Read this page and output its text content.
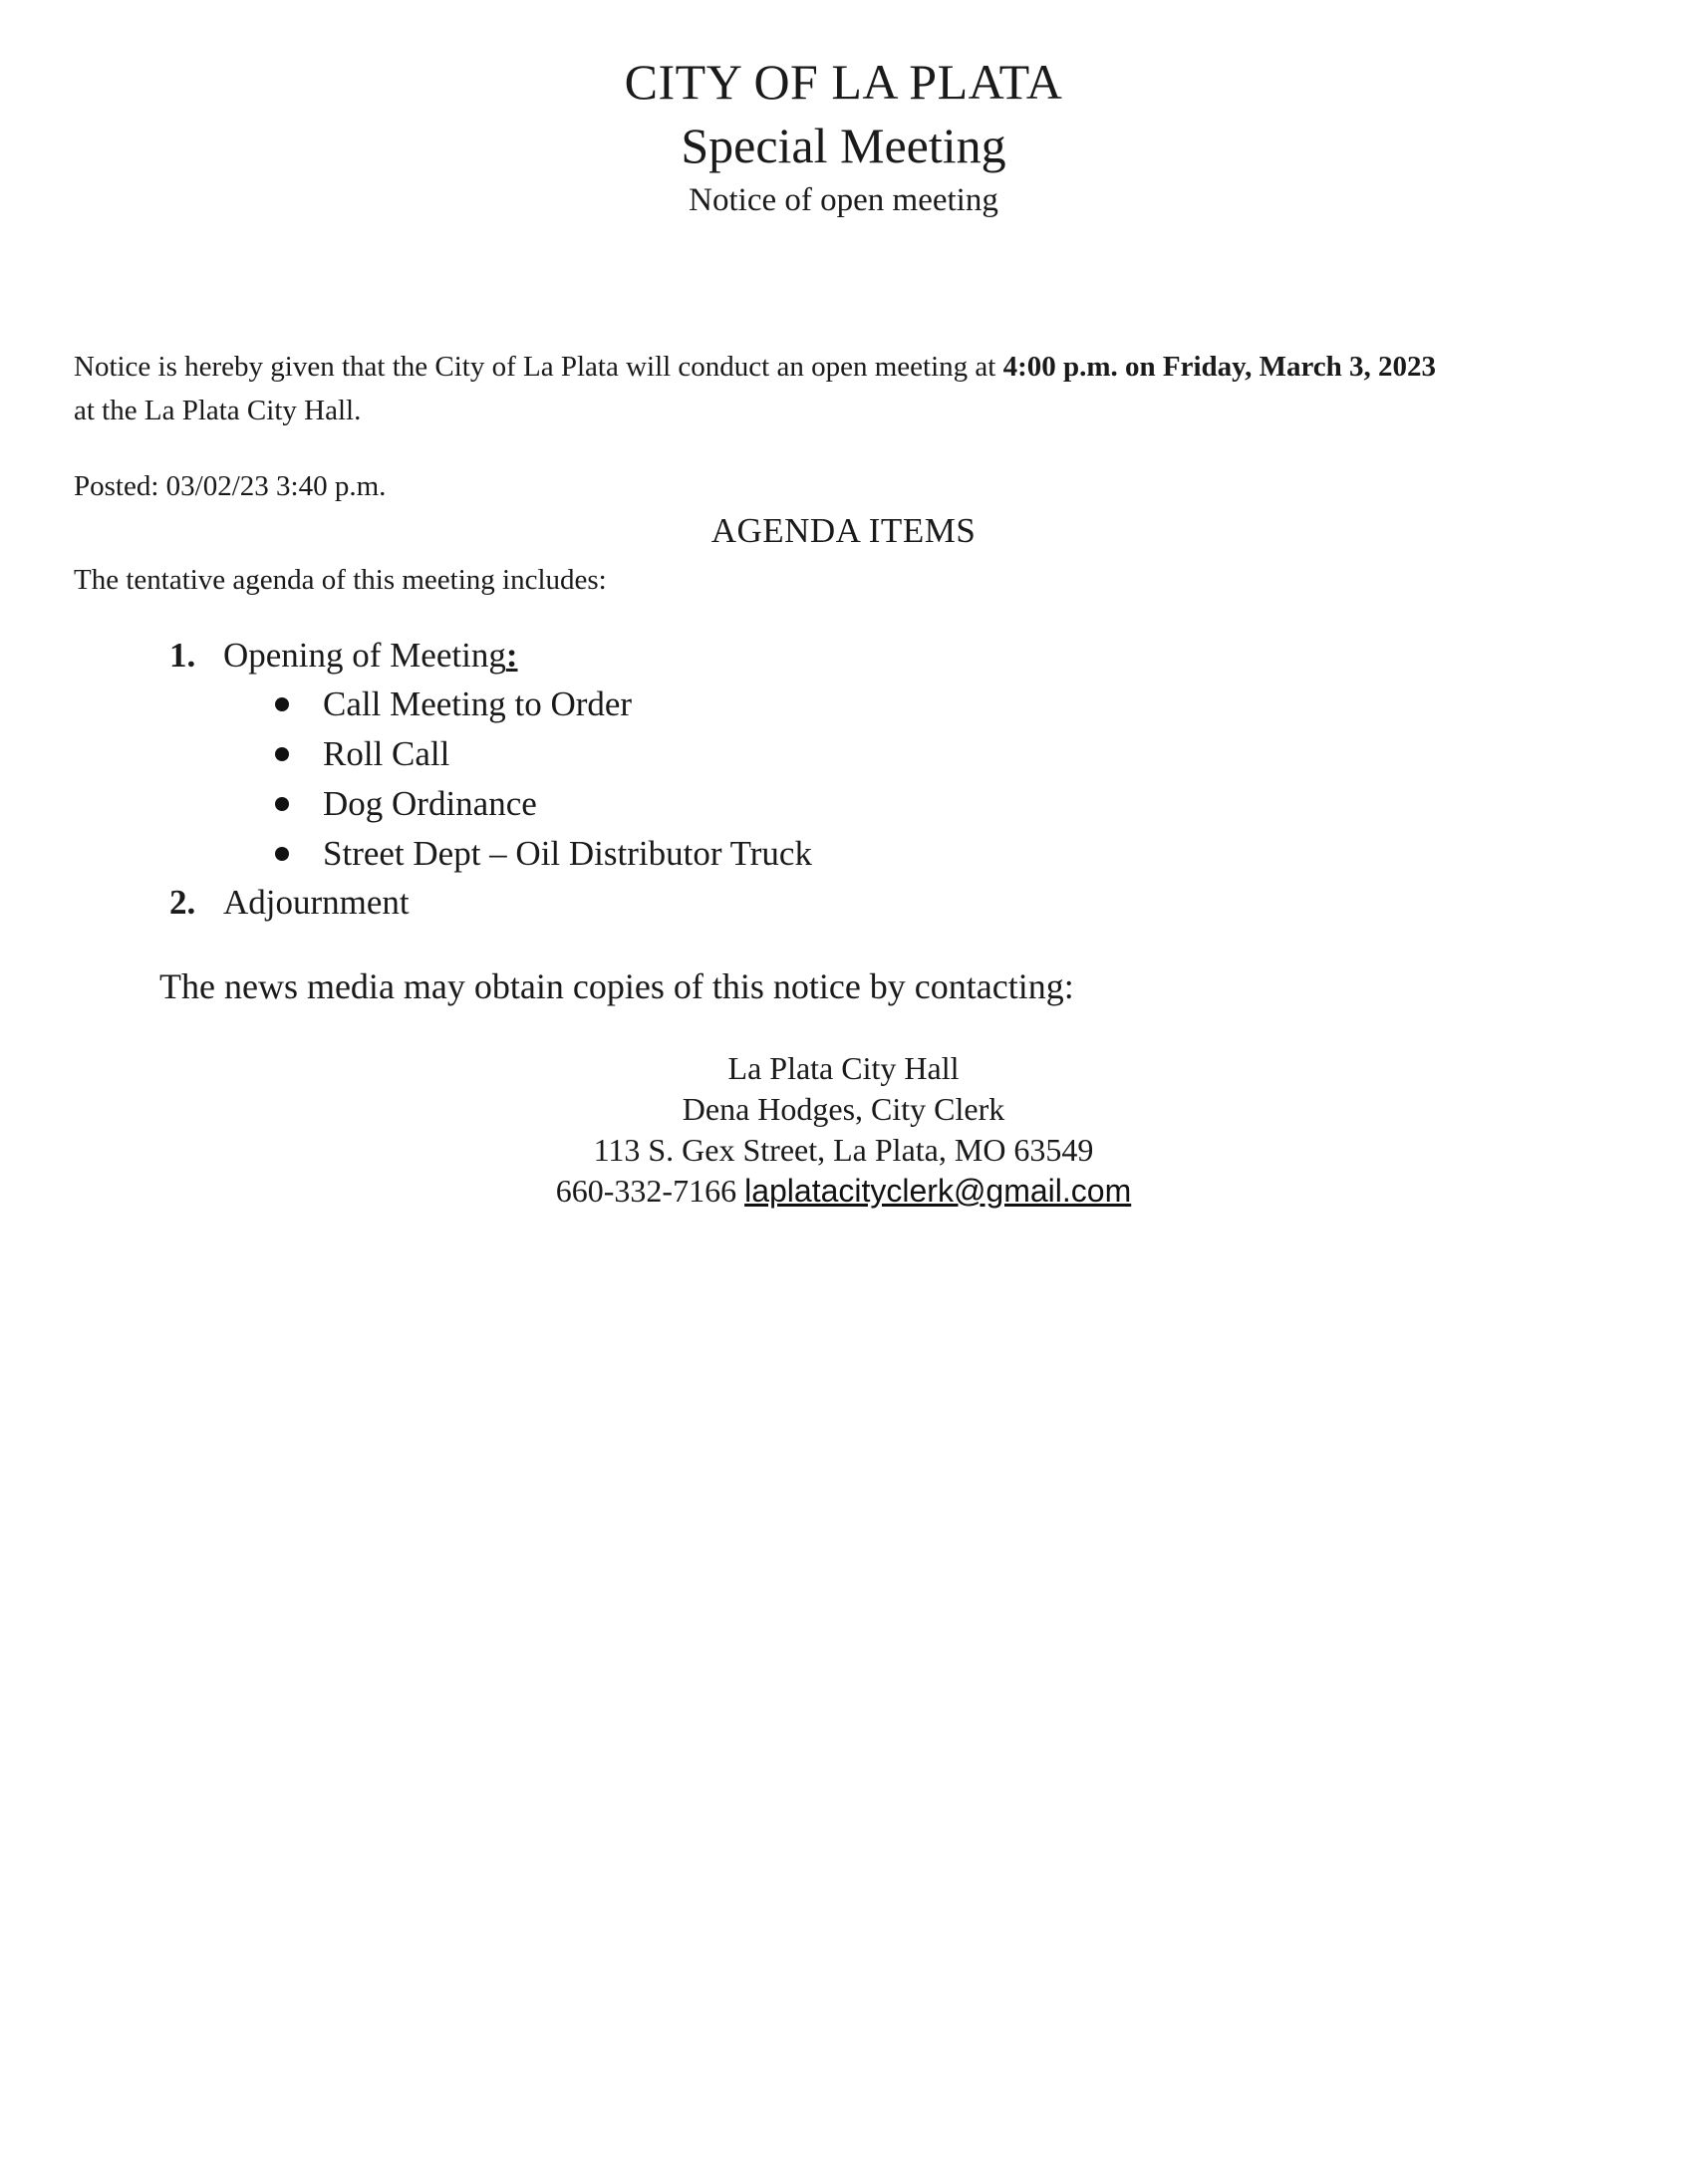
CITY OF LA PLATA
Special Meeting
Notice of open meeting
Notice is hereby given that the City of La Plata will conduct an open meeting at 4:00 p.m. on Friday, March 3, 2023
at the La Plata City Hall.
Posted: 03/02/23 3:40 p.m.
AGENDA ITEMS
The tentative agenda of this meeting includes:
1. Opening of Meeting:
Call Meeting to Order
Roll Call
Dog Ordinance
Street Dept – Oil Distributor Truck
2. Adjournment
The news media may obtain copies of this notice by contacting:
La Plata City Hall
Dena Hodges, City Clerk
113 S. Gex Street, La Plata, MO 63549
660-332-7166 laplatacityclerk@gmail.com
